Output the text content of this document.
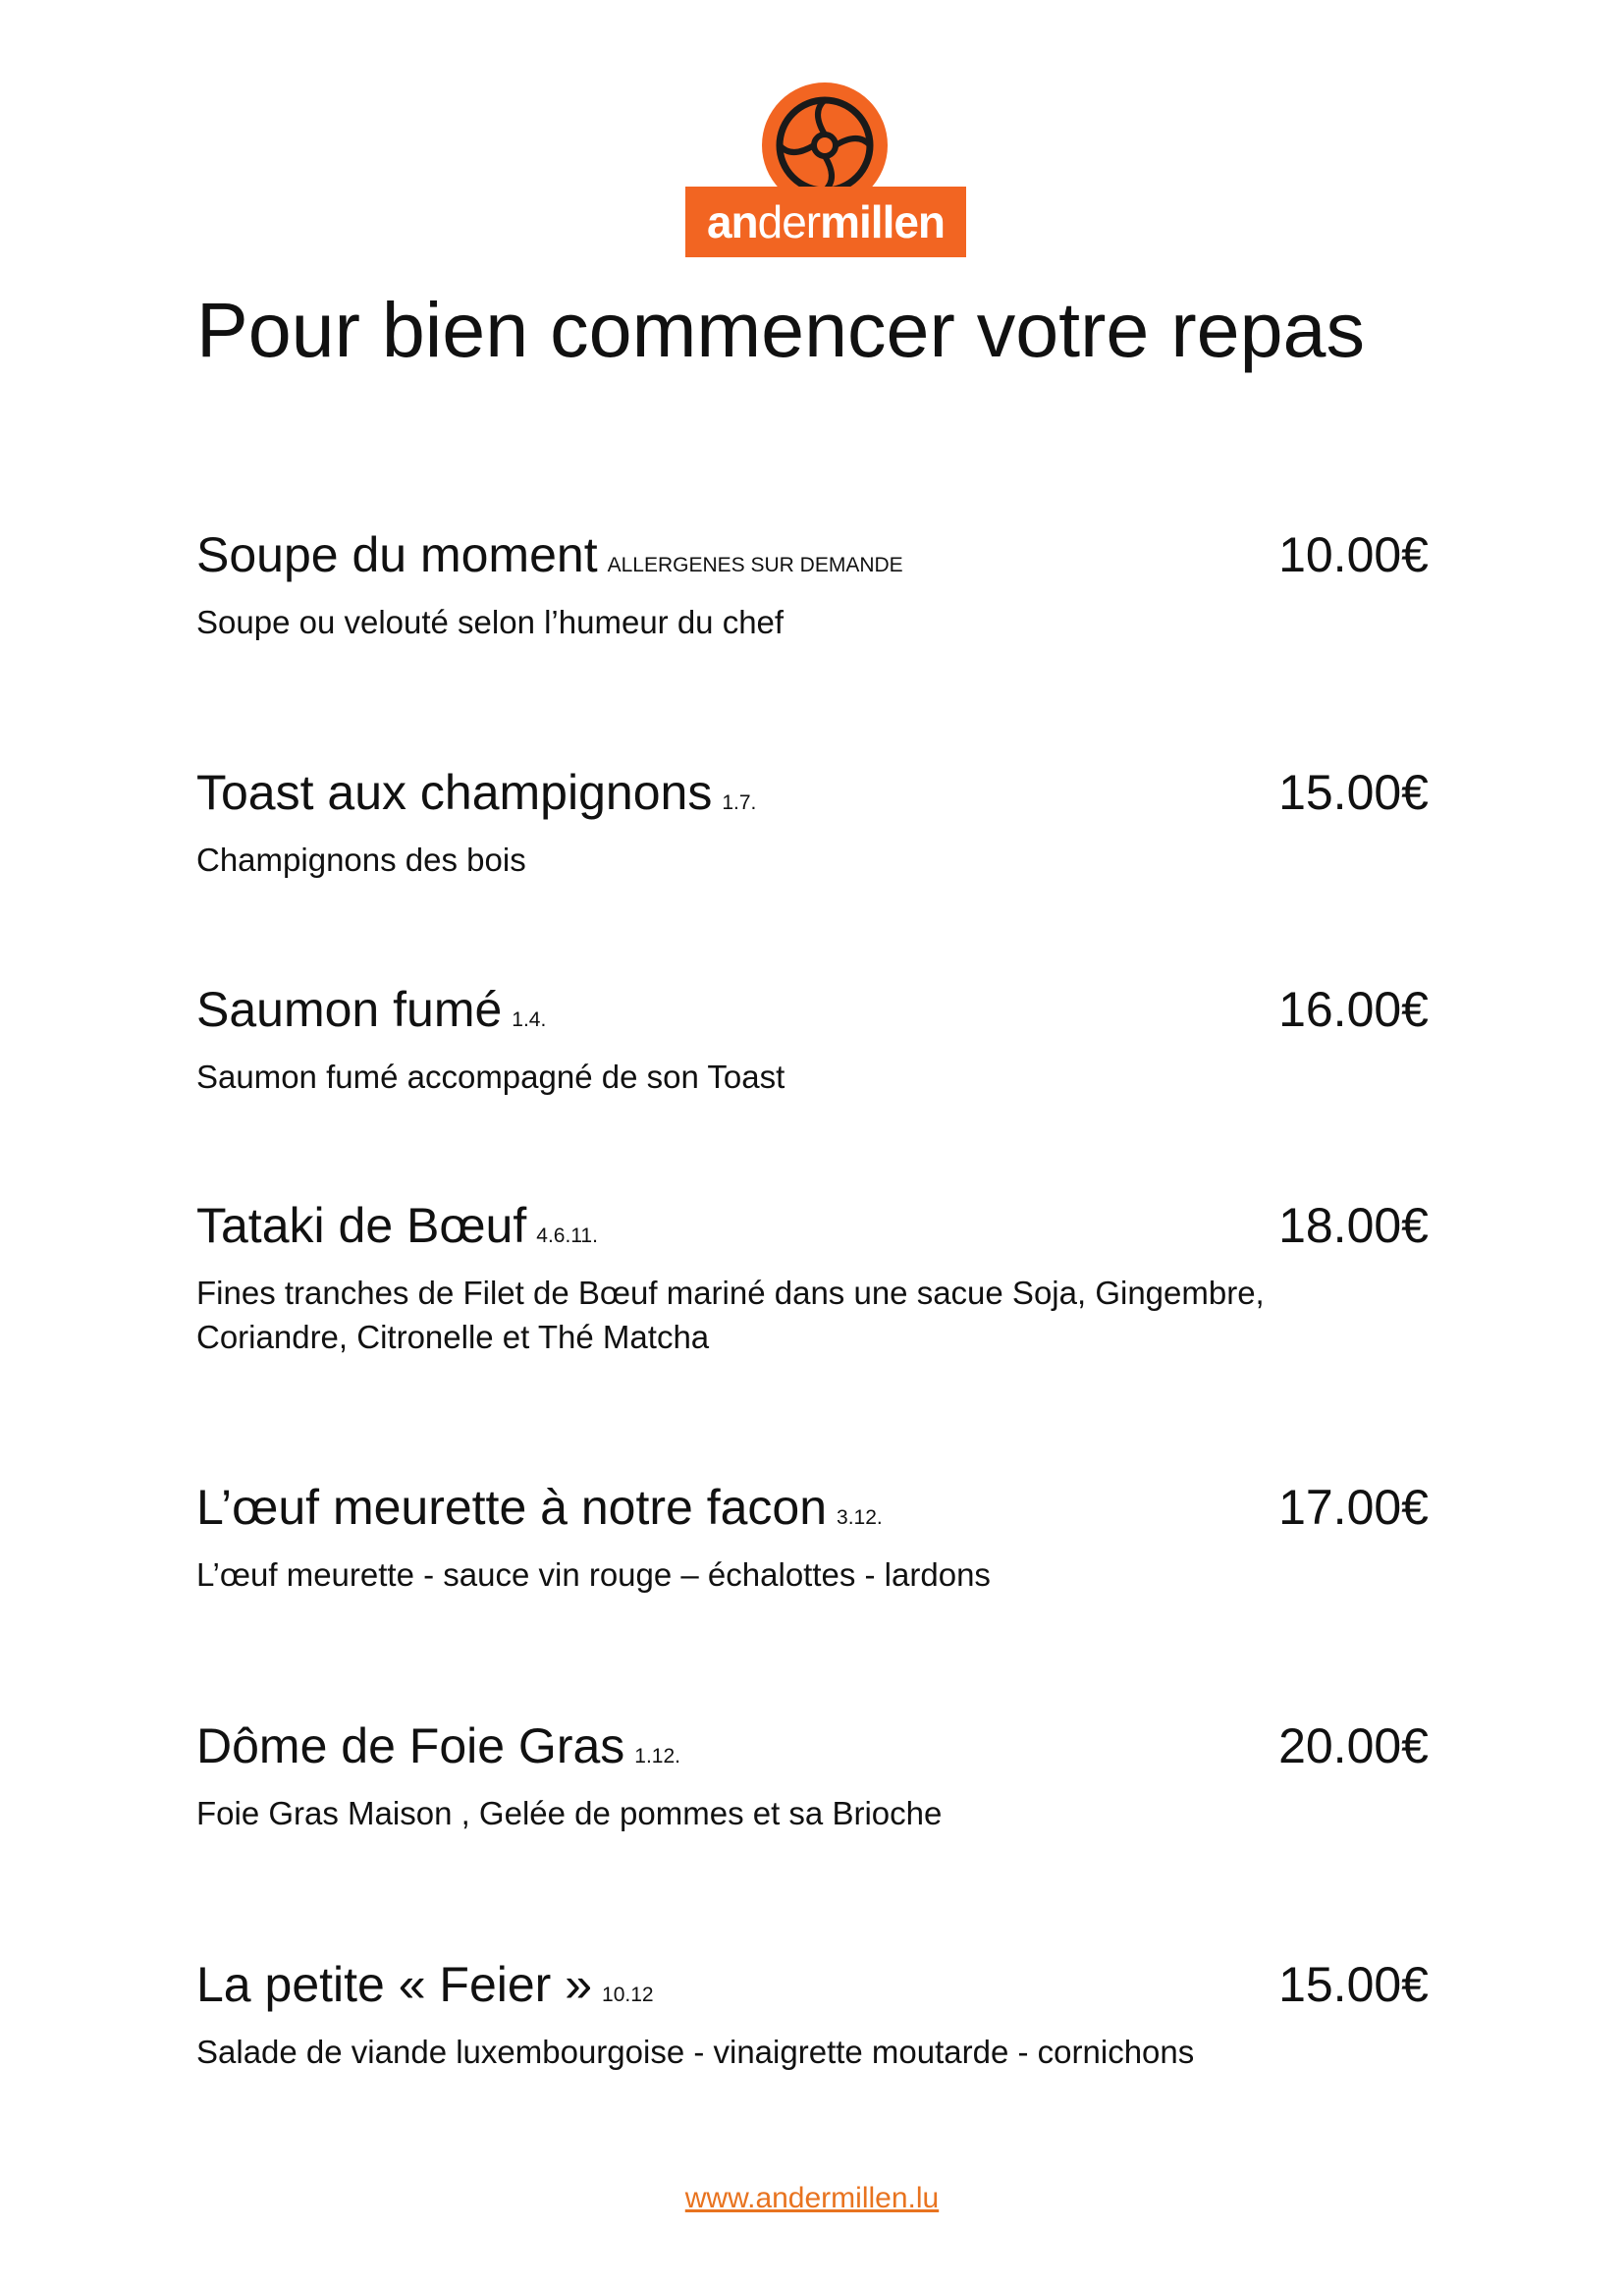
andermillen
Pour bien commencer votre repas
Soupe du moment ALLERGENES SUR DEMANDE	10.00€
Soupe ou velouté selon l’humeur du chef
Toast aux champignons 1.7.	15.00€
Champignons des bois
Saumon fumé 1.4.	16.00€
Saumon fumé accompagné de son Toast
Tataki de Bœuf 4.6.11.	18.00€
Fines tranches de Filet de Bœuf mariné dans une sacue Soja, Gingembre, Coriandre, Citronelle et Thé Matcha
L’œuf meurette à notre facon 3.12.	17.00€
L’œuf meurette - sauce vin rouge – échalottes - lardons
Dôme de Foie Gras 1.12.	20.00€
Foie Gras Maison , Gelée de pommes et sa Brioche
La petite « Feier » 10.12	15.00€
Salade de viande luxembourgoise - vinaigrette moutarde - cornichons
www.andermillen.lu
